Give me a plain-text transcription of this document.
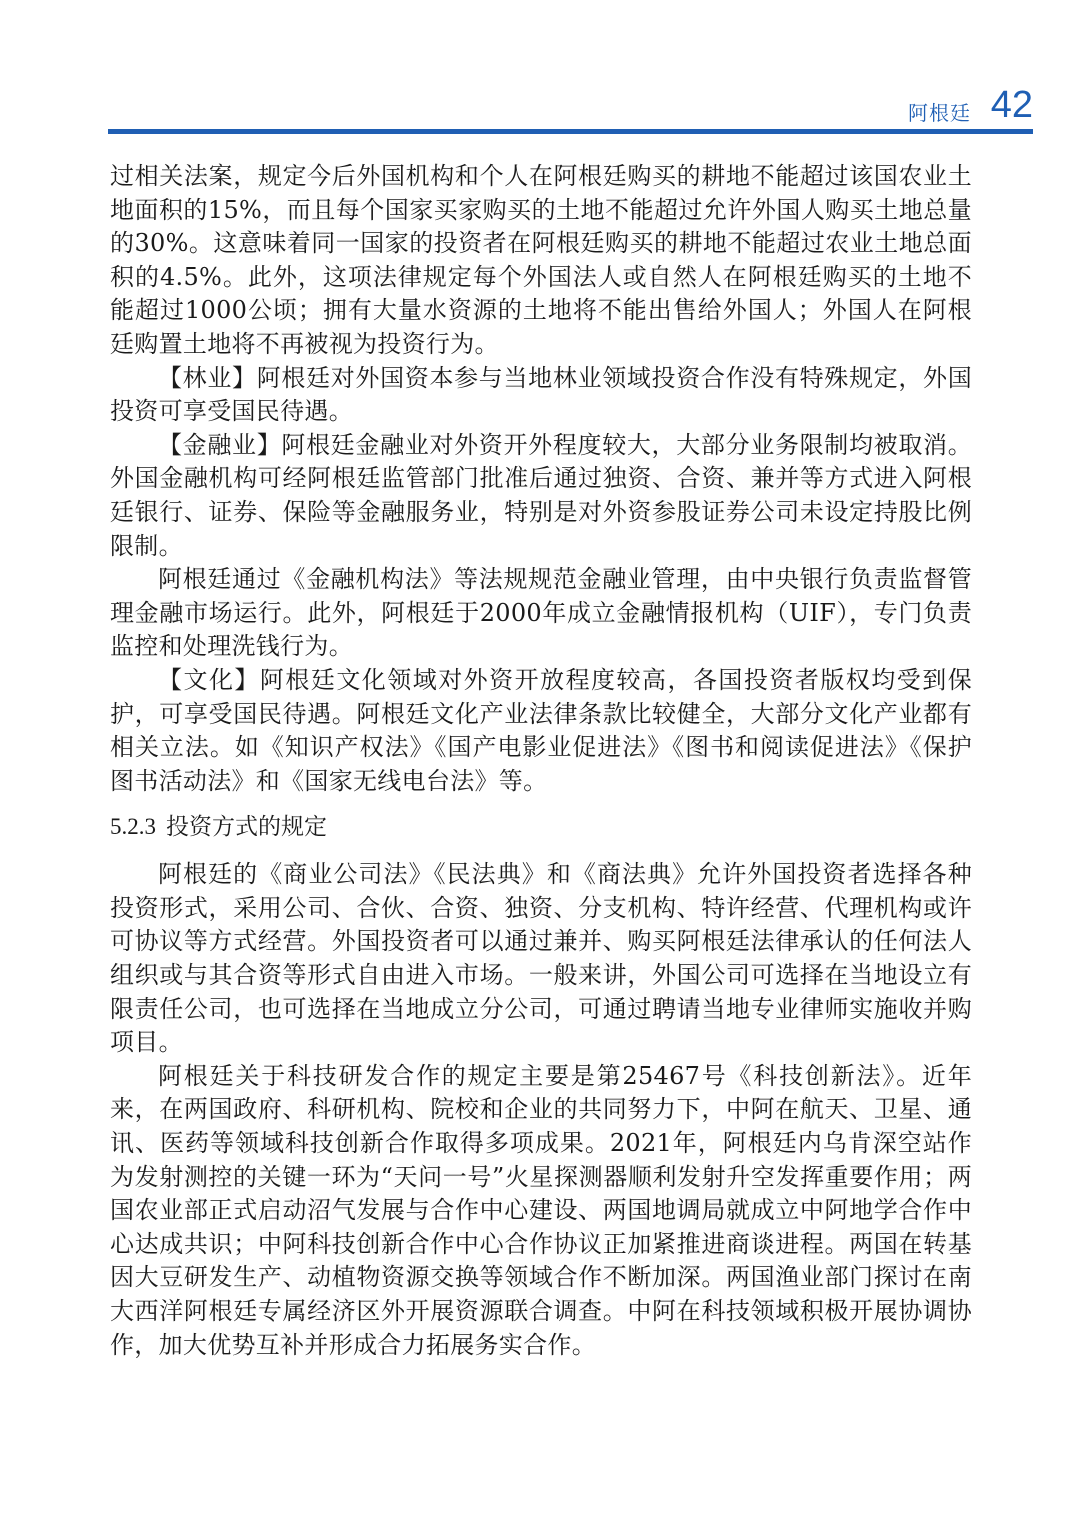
阿根廷 42

过相关法案，规定今后外国机构和个人在阿根廷购买的耕地不能超过该国农业土地面积的15%，而且每个国家买家购买的土地不能超过允许外国人购买土地总量的30%。这意味着同一国家的投资者在阿根廷购买的耕地不能超过农业土地总面积的4.5%。此外，这项法律规定每个外国法人或自然人在阿根廷购买的土地不能超过1000公顷；拥有大量水资源的土地将不能出售给外国人；外国人在阿根廷购置土地将不再被视为投资行为。

【林业】阿根廷对外国资本参与当地林业领域投资合作没有特殊规定，外国投资可享受国民待遇。

【金融业】阿根廷金融业对外资开外程度较大，大部分业务限制均被取消。外国金融机构可经阿根廷监管部门批准后通过独资、合资、兼并等方式进入阿根廷银行、证券、保险等金融服务业，特别是对外资参股证券公司未设定持股比例限制。

阿根廷通过《金融机构法》等法规规范金融业管理，由中央银行负责监督管理金融市场运行。此外，阿根廷于2000年成立金融情报机构（UIF），专门负责监控和处理洗钱行为。

【文化】阿根廷文化领域对外资开放程度较高，各国投资者版权均受到保护，可享受国民待遇。阿根廷文化产业法律条款比较健全，大部分文化产业都有相关立法。如《知识产权法》《国产电影业促进法》《图书和阅读促进法》《保护图书活动法》和《国家无线电台法》等。

5.2.3 投资方式的规定

阿根廷的《商业公司法》《民法典》和《商法典》允许外国投资者选择各种投资形式，采用公司、合伙、合资、独资、分支机构、特许经营、代理机构或许可协议等方式经营。外国投资者可以通过兼并、购买阿根廷法律承认的任何法人组织或与其合资等形式自由进入市场。一般来讲，外国公司可选择在当地设立有限责任公司，也可选择在当地成立分公司，可通过聘请当地专业律师实施收并购项目。

阿根廷关于科技研发合作的规定主要是第25467号《科技创新法》。近年来，在两国政府、科研机构、院校和企业的共同努力下，中阿在航天、卫星、通讯、医药等领域科技创新合作取得多项成果。2021年，阿根廷内乌肯深空站作为发射测控的关键一环为“天问一号”火星探测器顺利发射升空发挥重要作用；两国农业部正式启动沼气发展与合作中心建设、两国地调局就成立中阿地学合作中心达成共识；中阿科技创新合作中心合作协议正加紧推进商谈进程。两国在转基因大豆研发生产、动植物资源交换等领域合作不断加深。两国渔业部门探讨在南大西洋阿根廷专属经济区外开展资源联合调查。中阿在科技领域积极开展协调协作，加大优势互补并形成合力拓展务实合作。
